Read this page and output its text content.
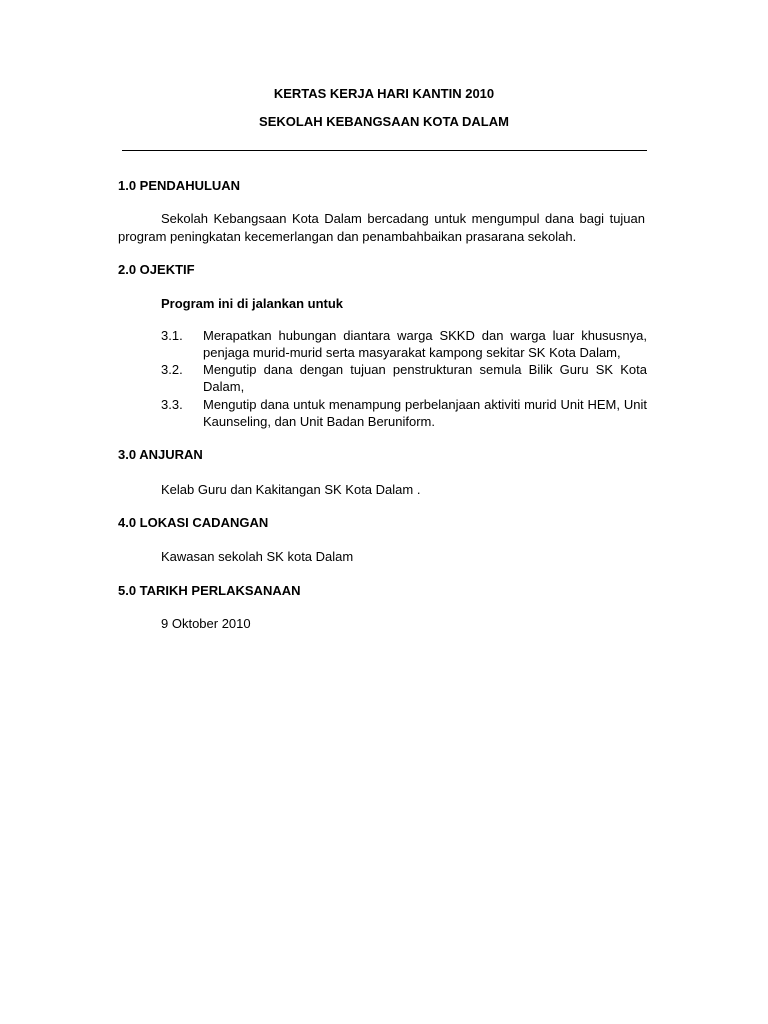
KERTAS KERJA HARI KANTIN 2010
SEKOLAH KEBANGSAAN KOTA DALAM
1.0 PENDAHULUAN
Sekolah Kebangsaan Kota Dalam bercadang untuk mengumpul dana bagi tujuan program peningkatan kecemerlangan dan penambahbaikan prasarana sekolah.
2.0 OJEKTIF
Program ini di jalankan untuk
3.1.	Merapatkan hubungan diantara warga SKKD dan warga luar khususnya, penjaga murid-murid serta masyarakat kampong sekitar SK Kota Dalam,
3.2.	Mengutip dana dengan tujuan penstrukturan semula Bilik Guru SK Kota Dalam,
3.3.	Mengutip dana untuk menampung perbelanjaan aktiviti murid Unit HEM, Unit Kaunseling, dan Unit Badan Beruniform.
3.0 ANJURAN
Kelab Guru dan Kakitangan SK Kota Dalam .
4.0 LOKASI CADANGAN
Kawasan sekolah SK kota Dalam
5.0 TARIKH PERLAKSANAAN
9 Oktober 2010
